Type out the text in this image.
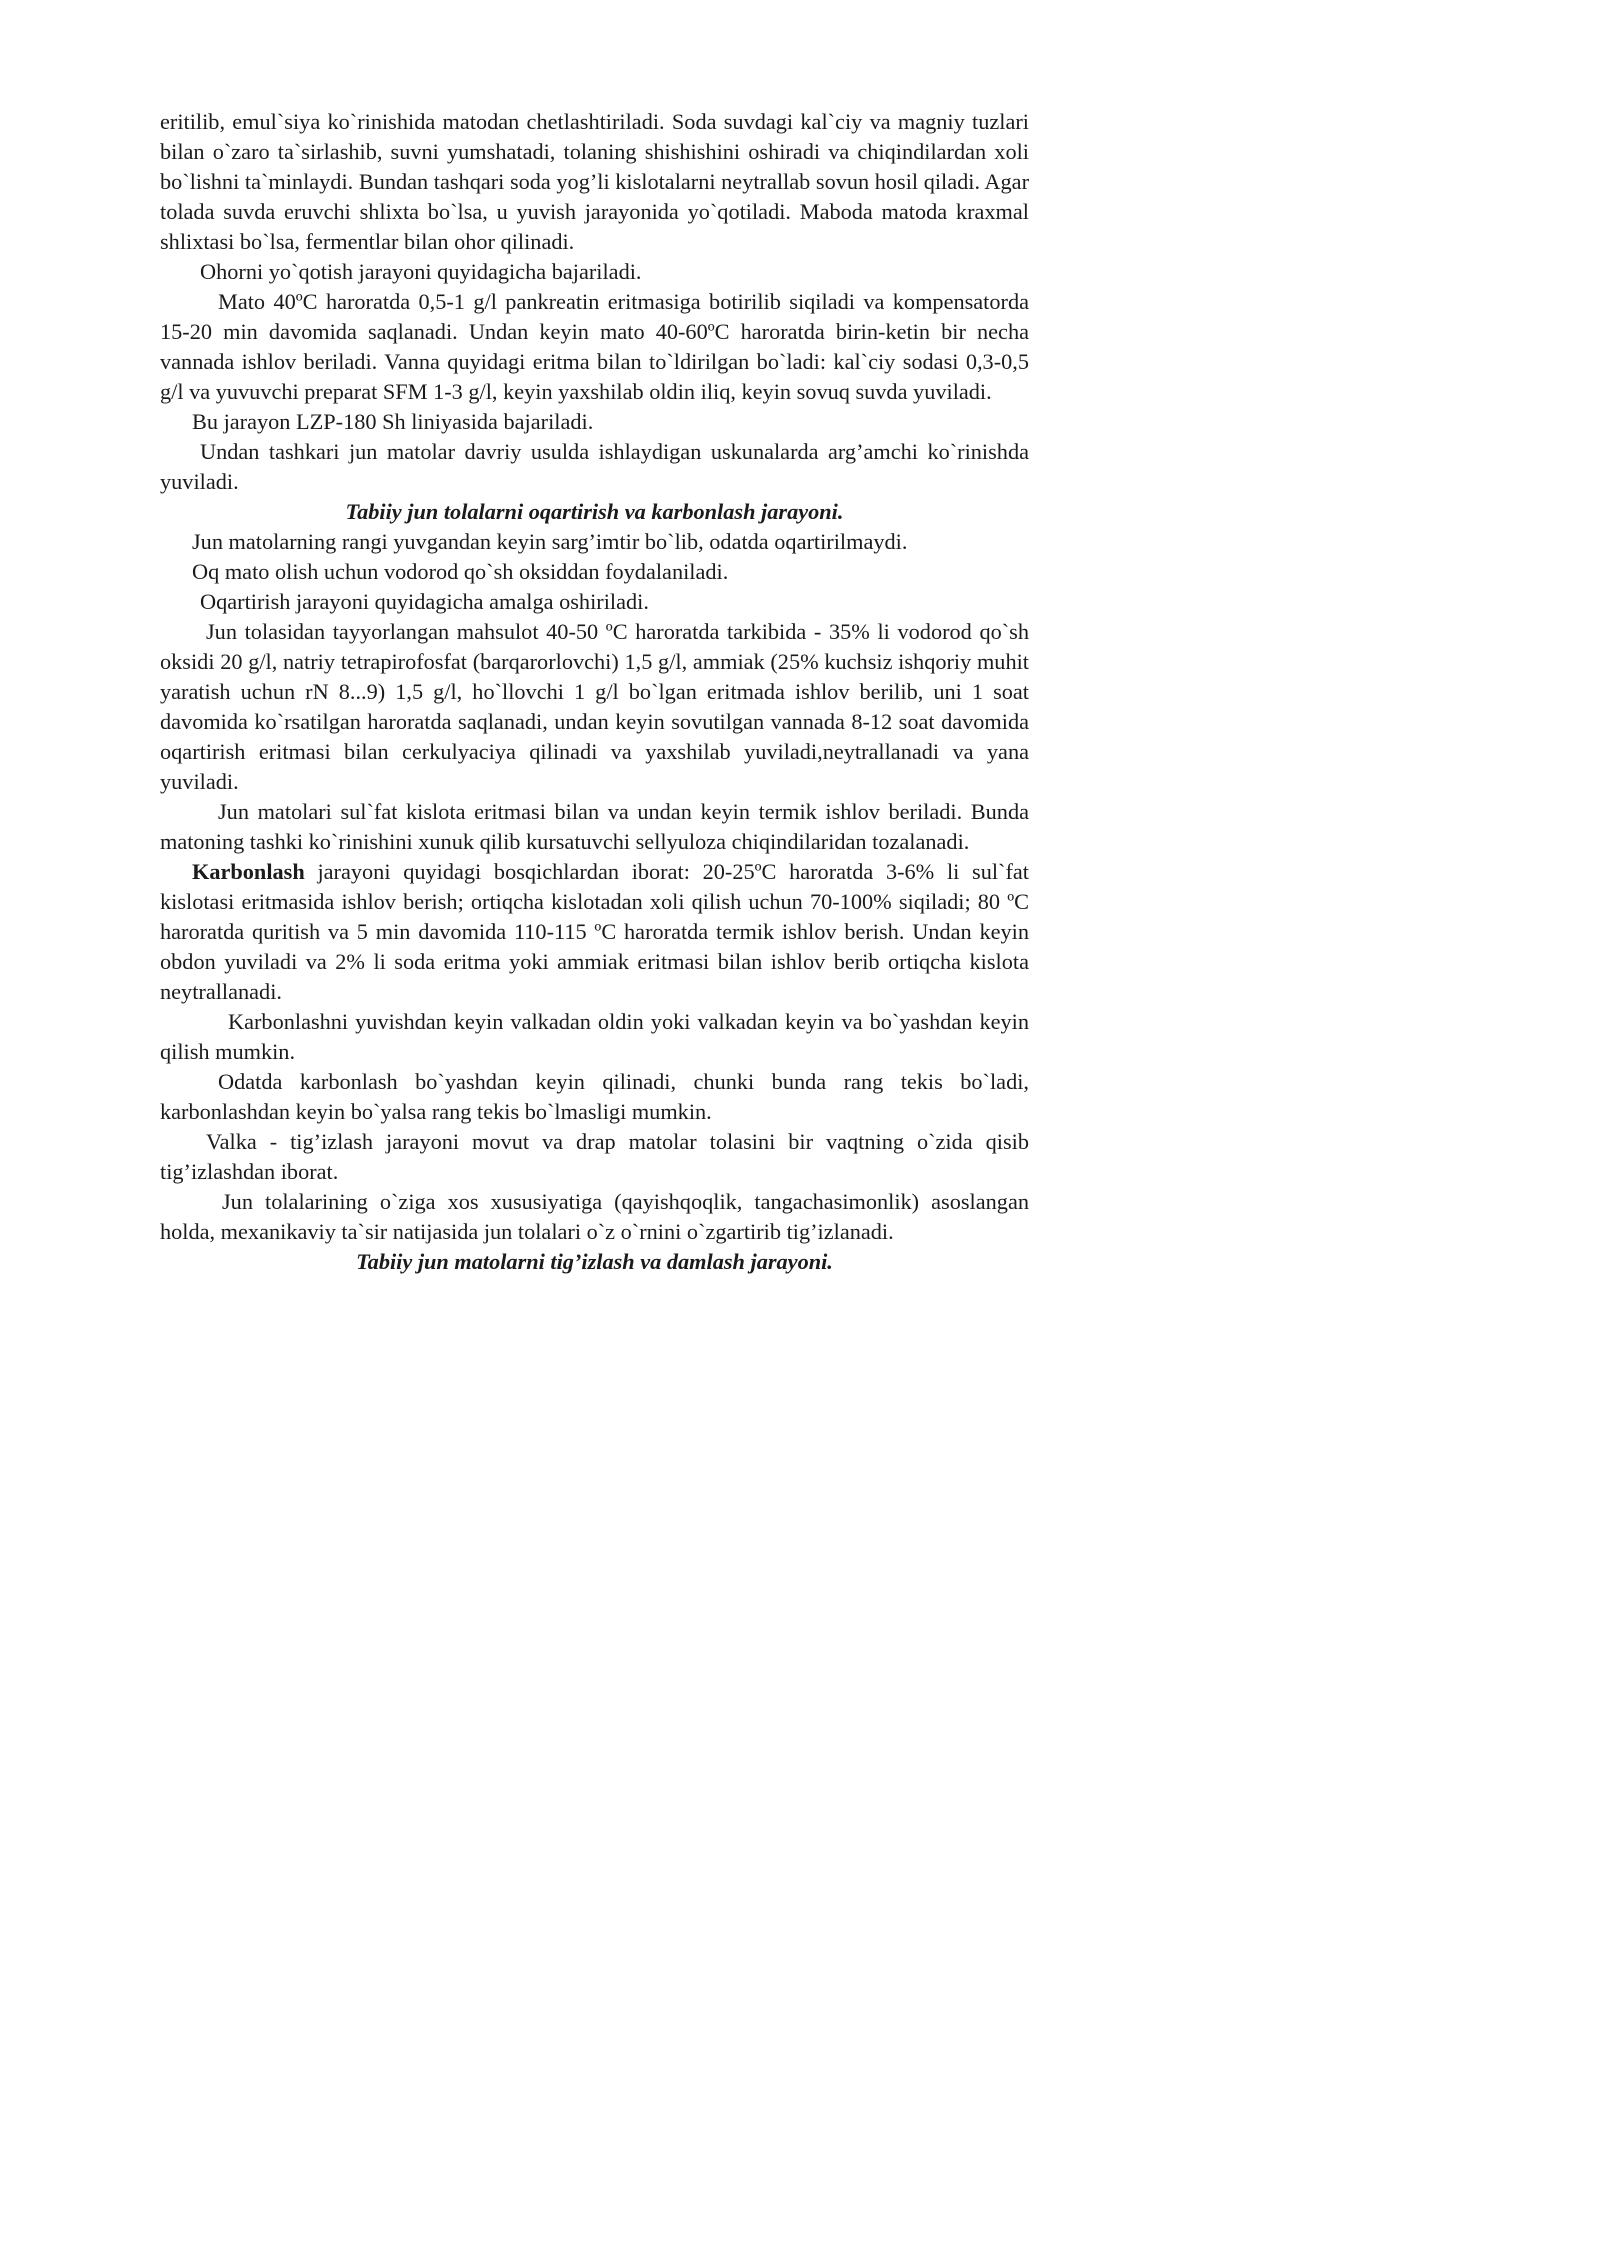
eritilib, emul`siya ko`rinishida matodan chetlashtiriladi. Soda suvdagi kal`ciy va magniy tuzlari bilan o`zaro ta`sirlashib, suvni yumshatadi, tolaning shishishini oshiradi va chiqindilardan xoli bo`lishni ta`minlaydi. Bundan tashqari soda yog’li kislotalarni neytrallab sovun hosil qiladi. Agar tolada suvda eruvchi shlixta bo`lsa, u yuvish jarayonida yo`qotiladi. Maboda matoda kraxmal shlixtasi bo`lsa, fermentlar bilan ohor qilinadi.

Ohorni yo`qotish jarayoni quyidagicha bajariladi.

Mato 40ºC haroratda 0,5-1 g/l pankreatin eritmasiga botirilib siqiladi va kompensatorda 15-20 min davomida saqlanadi. Undan keyin mato 40-60ºC haroratda birin-ketin bir necha vannada ishlov beriladi. Vanna quyidagi eritma bilan to`ldirilgan bo`ladi: kal`ciy sodasi 0,3-0,5 g/l va yuvuvchi preparat SFM 1-3 g/l, keyin yaxshilab oldin iliq, keyin sovuq suvda yuviladi.

Bu jarayon LZP-180 Sh liniyasida bajariladi.

Undan tashkari jun matolar davriy usulda ishlaydigan uskunalarda arg’amchi ko`rinishda yuviladi.

Tabiiy jun tolalarni oqartirish va karbonlash jarayoni.

Jun matolarning rangi yuvgandan keyin sarg’imtir bo`lib, odatda oqartirilmaydi.

Oq mato olish uchun vodorod qo`sh oksiddan foydalaniladi.

Oqartirish jarayoni quyidagicha amalga oshiriladi.

Jun tolasidan tayyorlangan mahsulot 40-50 ºC haroratda tarkibida - 35% li vodorod qo`sh oksidi 20 g/l, natriy tetrapirofosfat (barqarorlovchi) 1,5 g/l, ammiak (25% kuchsiz ishqoriy muhit yaratish uchun rN 8...9) 1,5 g/l, ho`llovchi 1 g/l bo`lgan eritmada ishlov berilib, uni 1 soat davomida ko`rsatilgan haroratda saqlanadi, undan keyin sovutilgan vannada 8-12 soat davomida oqartirish eritmasi bilan cerkulyaciya qilinadi va yaxshilab yuviladi,neytrallanadi va yana yuviladi.

Jun matolari sul`fat kislota eritmasi bilan va undan keyin termik ishlov beriladi. Bunda matoning tashki ko`rinishini xunuk qilib kursatuvchi sellyuloza chiqindilaridan tozalanadi.

Karbonlash jarayoni quyidagi bosqichlardan iborat: 20-25ºC haroratda 3-6% li sul`fat kislotasi eritmasida ishlov berish; ortiqcha kislotadan xoli qilish uchun 70-100% siqiladi; 80 ºC haroratda quritish va 5 min davomida 110-115 ºC haroratda termik ishlov berish. Undan keyin obdon yuviladi va 2% li soda eritma yoki ammiak eritmasi bilan ishlov berib ortiqcha kislota neytrallanadi.

Karbonlashni yuvishdan keyin valkadan oldin yoki valkadan keyin va bo`yashdan keyin qilish mumkin.

Odatda karbonlash bo`yashdan keyin qilinadi, chunki bunda rang tekis bo`ladi, karbonlashdan keyin bo`yalsa rang tekis bo`lmasligi mumkin.

Valka - tig’izlash jarayoni movut va drap matolar tolasini bir vaqtning o`zida qisib tig’izlashdan iborat.

Jun tolalarining o`ziga xos xususiyatiga (qayishqoqlik, tangachasimonlik) asoslangan holda, mexanikaviy ta`sir natijasida jun tolalari o`z o`rnini o`zgartirib tig’izlanadi.

Tabiiy jun matolarni tig’izlash va damlash jarayoni.
